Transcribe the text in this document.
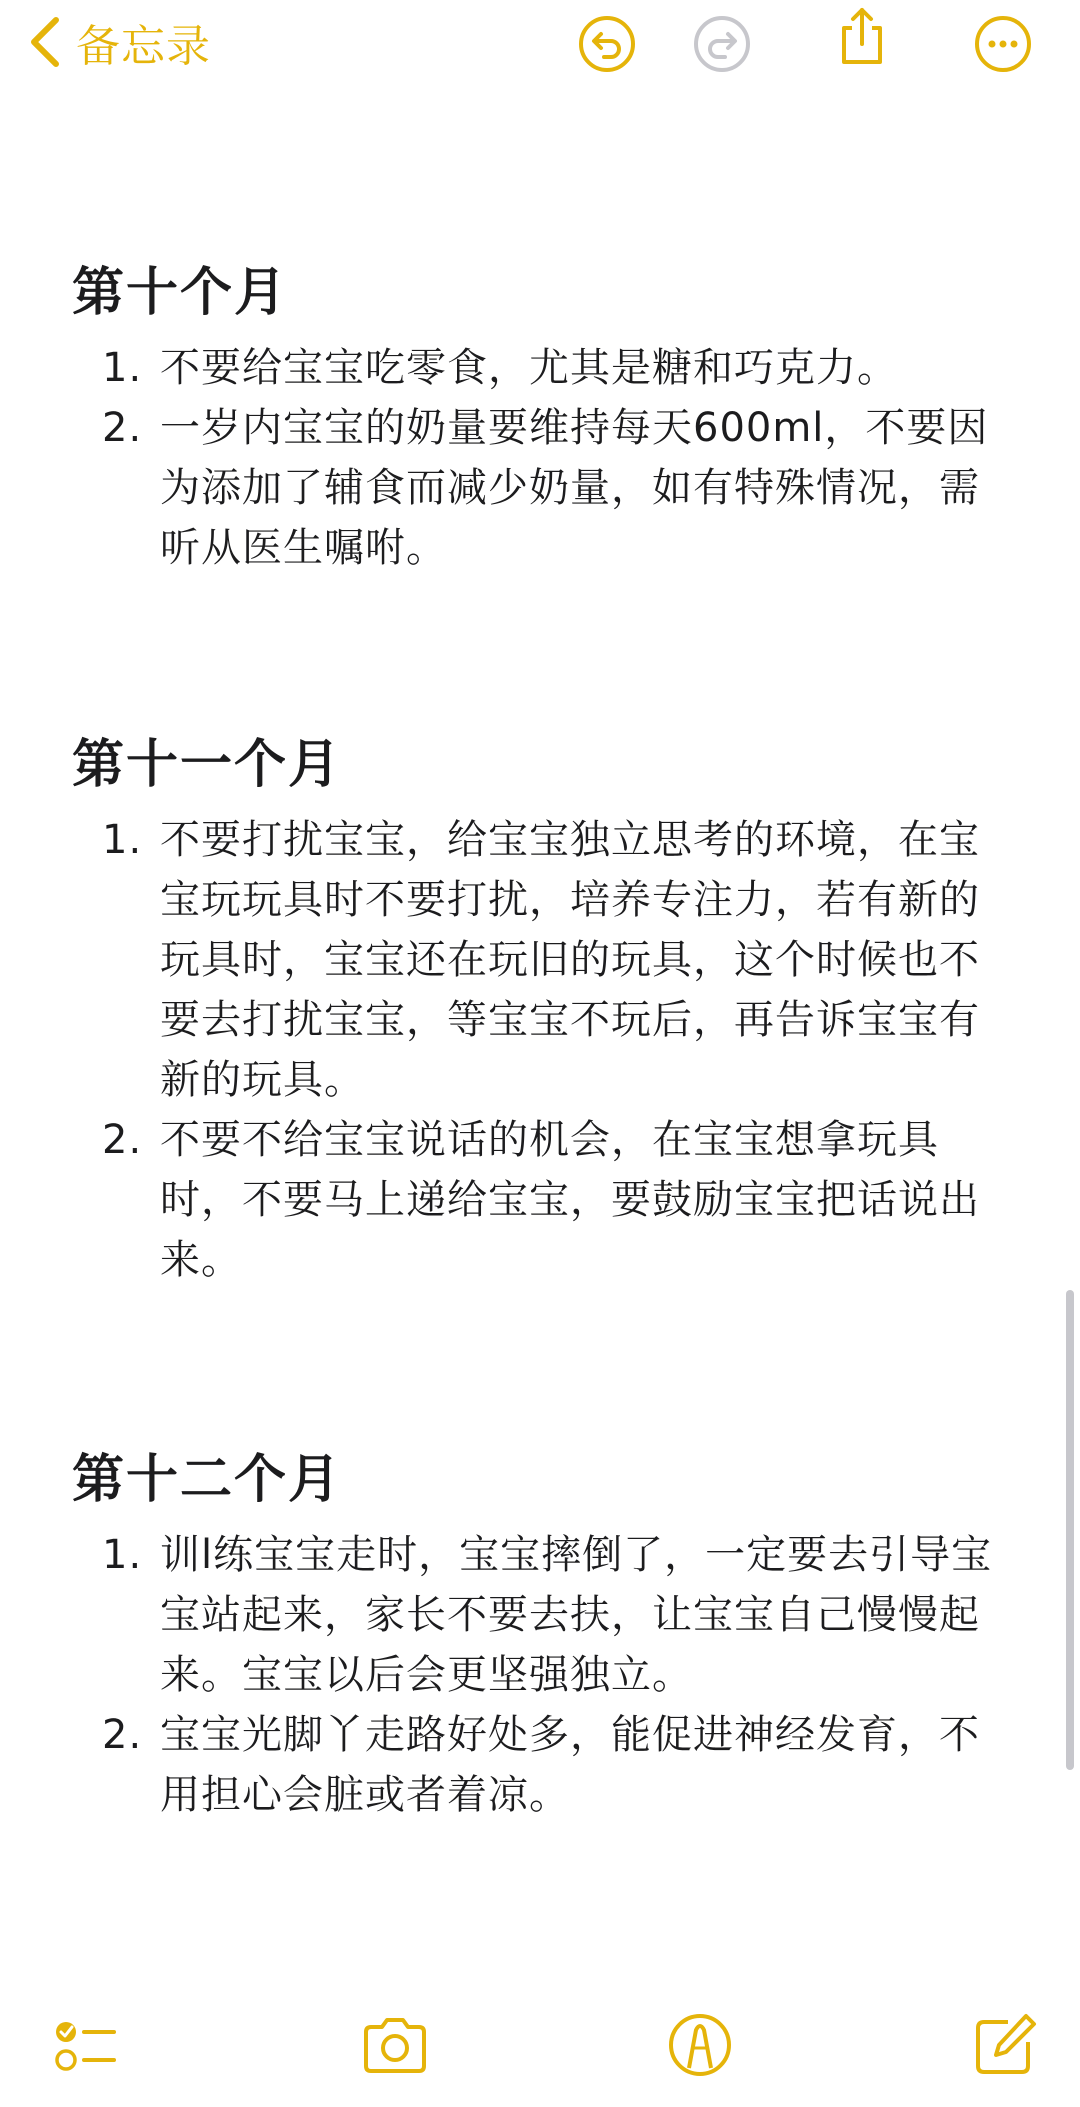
备忘录
第十个月
1. 不要给宝宝吃零食，尤其是糖和巧克力。
2. 一岁内宝宝的奶量要维持每天600ml，不要因为添加了辅食而减少奶量，如有特殊情况，需听从医生嘱咐。
第十一个月
1. 不要打扰宝宝，给宝宝独立思考的环境，在宝宝玩玩具时不要打扰，培养专注力，若有新的玩具时，宝宝还在玩旧的玩具，这个时候也不要去打扰宝宝，等宝宝不玩后，再告诉宝宝有新的玩具。
2. 不要不给宝宝说话的机会，在宝宝想拿玩具时，不要马上递给宝宝，要鼓励宝宝把话说出来。
第十二个月
1. 训l练宝宝走时，宝宝摔倒了，一定要去引导宝宝站起来，家长不要去扶，让宝宝自己慢慢起来。宝宝以后会更坚强独立。
2. 宝宝光脚丫走路好处多，能促进神经发育，不用担心会脏或者着凉。
